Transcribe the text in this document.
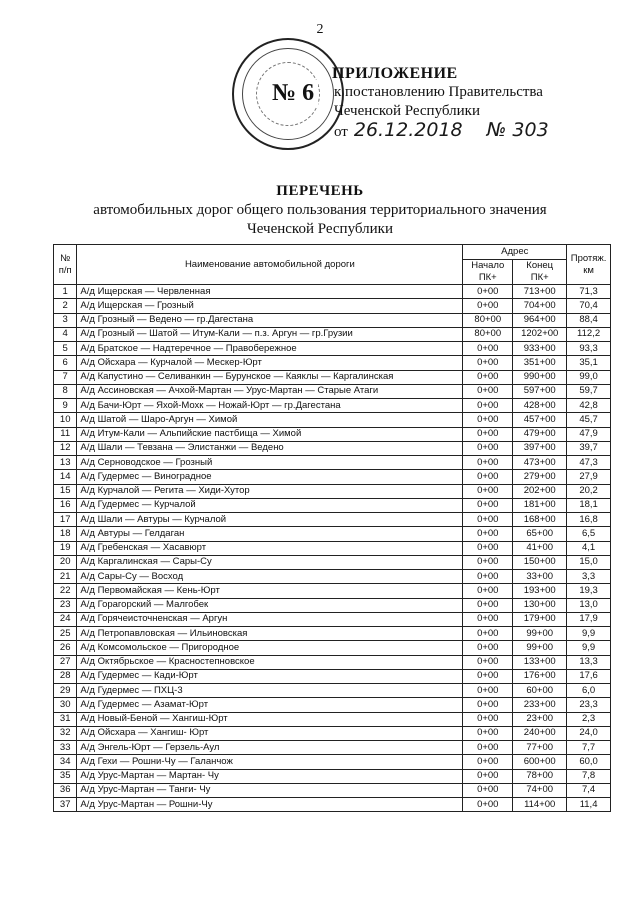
2
№ 6
ПРИЛОЖЕНИЕ
к постановлению Правительства
Чеченской Республики
от 26.12.2018 № 303
ПЕРЕЧЕНЬ
автомобильных дорог общего пользования территориального значения
Чеченской Республики
№ п/п	Наименование автомобильной дороги	Адрес		Протяж. км
		Начало ПК+	Конец ПК+	
1	А/д Ищерская — Червленная	0+00	713+00	71,3
2	А/д Ищерская — Грозный	0+00	704+00	70,4
3	А/д Грозный — Ведено — гр.Дагестана	80+00	964+00	88,4
4	А/д Грозный — Шатой — Итум-Кали — п.з. Аргун — гр.Грузии	80+00	1202+00	112,2
5	А/д Братское — Надтеречное — Правобережное	0+00	933+00	93,3
6	А/д Ойсхара — Курчалой — Мескер-Юрт	0+00	351+00	35,1
7	А/д Капустино — Селиванкин — Бурунское — Каяклы — Каргалинская	0+00	990+00	99,0
8	А/д Ассиновская — Ачхой-Мартан — Урус-Мартан — Старые Атаги	0+00	597+00	59,7
9	А/д Бачи-Юрт — Яхой-Мохк — Ножай-Юрт — гр.Дагестана	0+00	428+00	42,8
10	А/д Шатой — Шаро-Аргун — Химой	0+00	457+00	45,7
11	А/д Итум-Кали — Альпийские пастбища — Химой	0+00	479+00	47,9
12	А/д Шали — Тевзана — Элистанжи — Ведено	0+00	397+00	39,7
13	А/д Серноводское — Грозный	0+00	473+00	47,3
14	А/д Гудермес — Виноградное	0+00	279+00	27,9
15	А/д Курчалой — Регита — Хиди-Хутор	0+00	202+00	20,2
16	А/д Гудермес — Курчалой	0+00	181+00	18,1
17	А/д Шали — Автуры — Курчалой	0+00	168+00	16,8
18	А/д Автуры — Гелдаган	0+00	65+00	6,5
19	А/д Гребенская — Хасавюрт	0+00	41+00	4,1
20	А/д Каргалинская — Сары-Су	0+00	150+00	15,0
21	А/д Сары-Су — Восход	0+00	33+00	3,3
22	А/д Первомайская — Кень-Юрт	0+00	193+00	19,3
23	А/д Горагорский — Малгобек	0+00	130+00	13,0
24	А/д Горячеисточненская — Аргун	0+00	179+00	17,9
25	А/д Петропавловская — Ильиновская	0+00	99+00	9,9
26	А/д Комсомольское — Пригородное	0+00	99+00	9,9
27	А/д Октябрьское — Красностепновское	0+00	133+00	13,3
28	А/д Гудермес — Кади-Юрт	0+00	176+00	17,6
29	А/д Гудермес — ПХЦ-3	0+00	60+00	6,0
30	А/д Гудермес — Азамат-Юрт	0+00	233+00	23,3
31	А/д Новый-Беной — Хангиш-Юрт	0+00	23+00	2,3
32	А/д Ойсхара — Хангиш- Юрт	0+00	240+00	24,0
33	А/д Энгель-Юрт — Герзель-Аул	0+00	77+00	7,7
34	А/д Гехи — Рошни-Чу — Галанчож	0+00	600+00	60,0
35	А/д Урус-Мартан — Мартан- Чу	0+00	78+00	7,8
36	А/д Урус-Мартан — Танги- Чу	0+00	74+00	7,4
37	А/д Урус-Мартан — Рошни-Чу	0+00	114+00	11,4
